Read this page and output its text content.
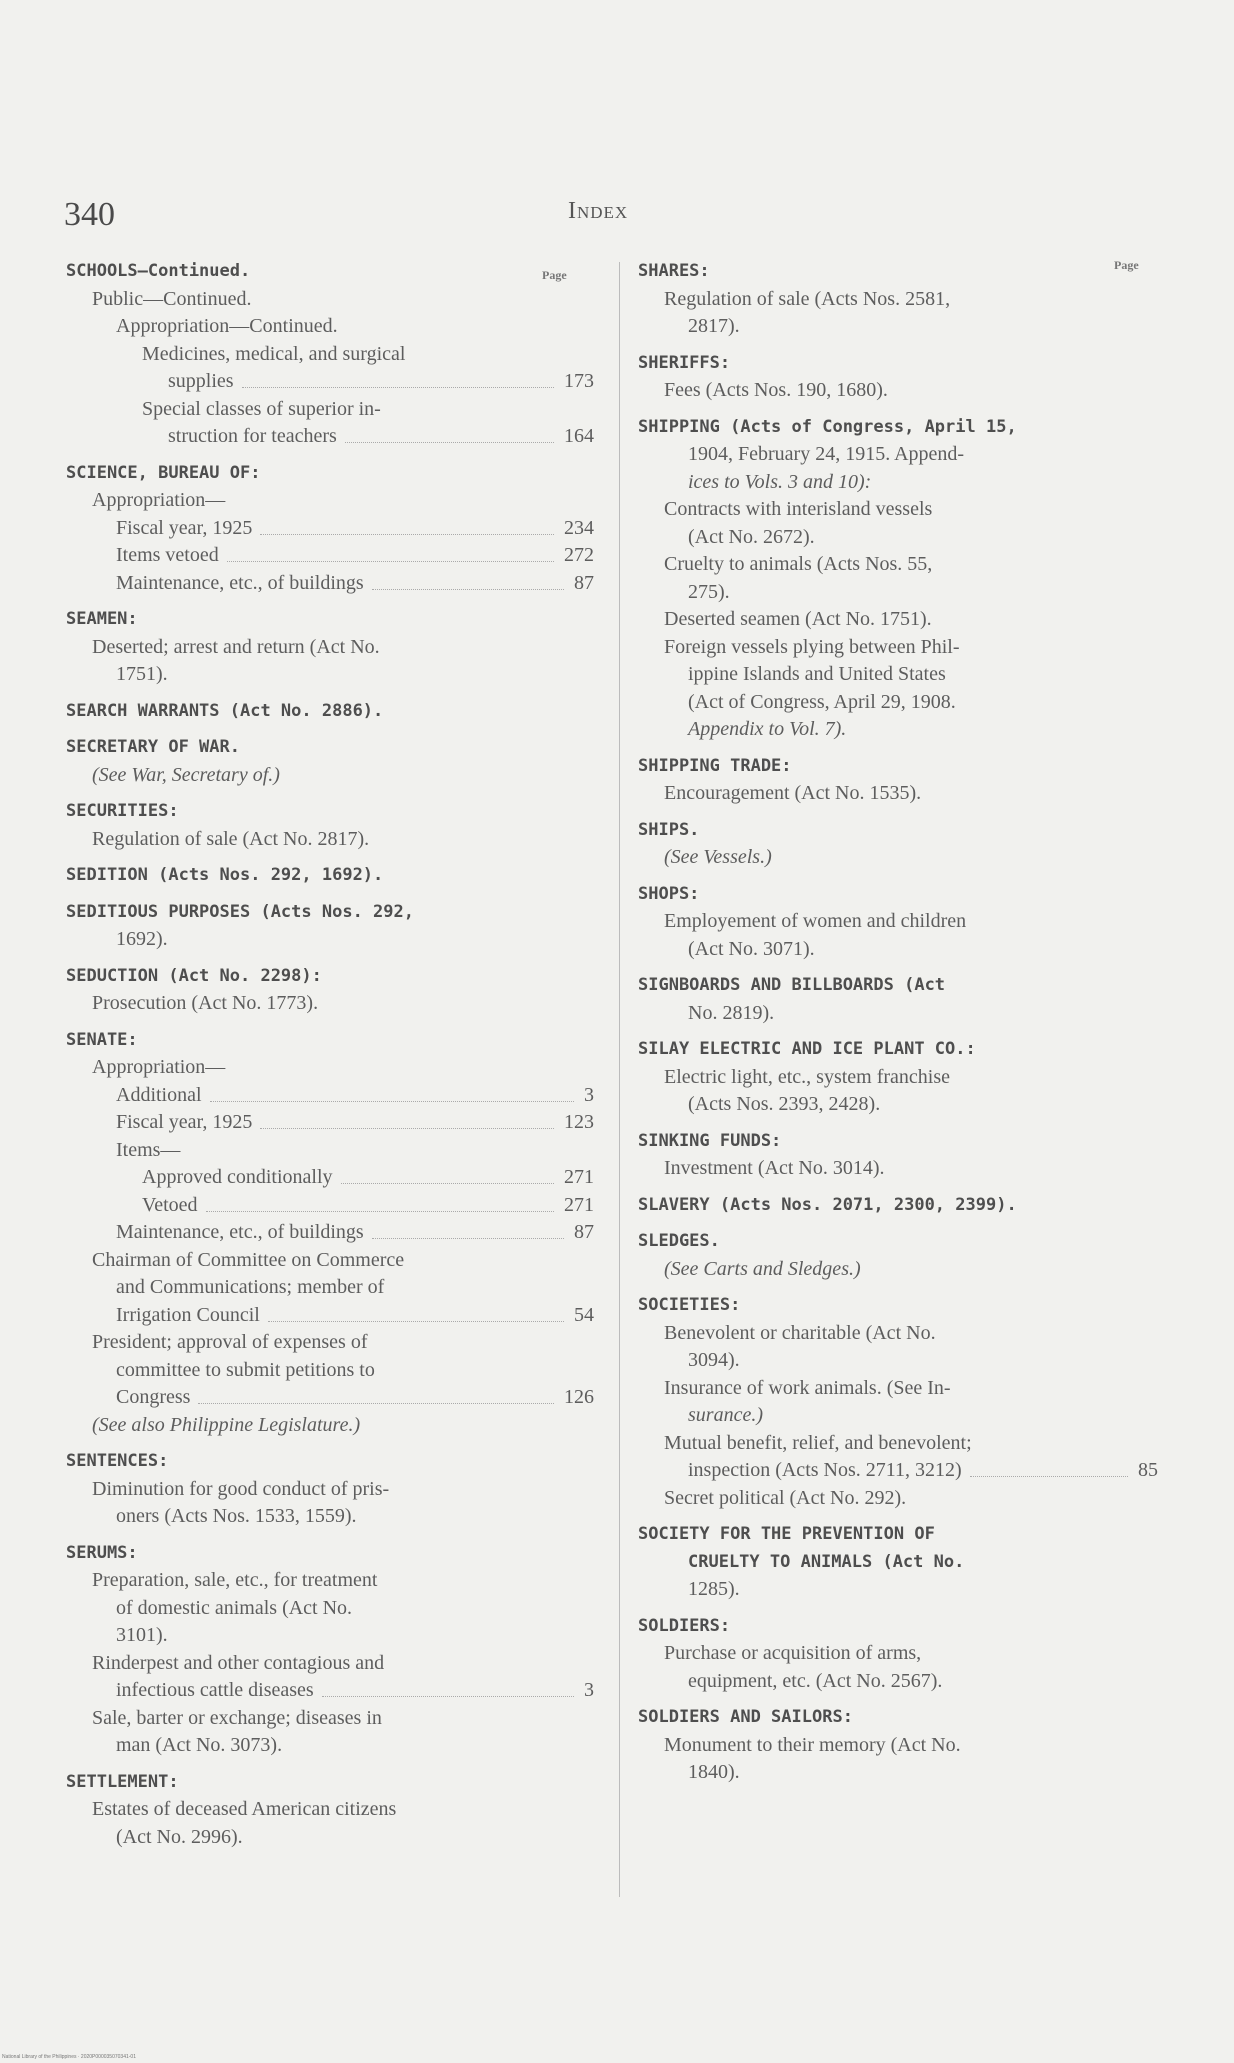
340	Index
Page
Page
SCHOOLS—Continued.
Public—Continued.
Appropriation—Continued.
Medicines, medical, and surgical
supplies	173
Special classes of superior in-
struction for teachers	164
SCIENCE, BUREAU OF:
Appropriation—
Fiscal year, 1925	234
Items vetoed	272
Maintenance, etc., of buildings	87
SEAMEN:
Deserted; arrest and return (Act No.
1751).
SEARCH WARRANTS (Act No. 2886).
SECRETARY OF WAR.
(See War, Secretary of.)
SECURITIES:
Regulation of sale (Act No. 2817).
SEDITION (Acts Nos. 292, 1692).
SEDITIOUS PURPOSES (Acts Nos. 292,
1692).
SEDUCTION (Act No. 2298):
Prosecution (Act No. 1773).
SENATE:
Appropriation—
Additional	3
Fiscal year, 1925	123
Items—
Approved conditionally	271
Vetoed	271
Maintenance, etc., of buildings	87
Chairman of Committee on Commerce
and Communications; member of
Irrigation Council	54
President; approval of expenses of
committee to submit petitions to
Congress	126
(See also Philippine Legislature.)
SENTENCES:
Diminution for good conduct of pris-
oners (Acts Nos. 1533, 1559).
SERUMS:
Preparation, sale, etc., for treatment
of domestic animals (Act No.
3101).
Rinderpest and other contagious and
infectious cattle diseases	3
Sale, barter or exchange; diseases in
man (Act No. 3073).
SETTLEMENT:
Estates of deceased American citizens
(Act No. 2996).
SHARES:
Regulation of sale (Acts Nos. 2581,
2817).
SHERIFFS:
Fees (Acts Nos. 190, 1680).
SHIPPING (Acts of Congress, April 15,
1904, February 24, 1915. Append-
ices to Vols. 3 and 10):
Contracts with interisland vessels
(Act No. 2672).
Cruelty to animals (Acts Nos. 55,
275).
Deserted seamen (Act No. 1751).
Foreign vessels plying between Phil-
ippine Islands and United States
(Act of Congress, April 29, 1908.
Appendix to Vol. 7).
SHIPPING TRADE:
Encouragement (Act No. 1535).
SHIPS.
(See Vessels.)
SHOPS:
Employement of women and children
(Act No. 3071).
SIGNBOARDS AND BILLBOARDS (Act
No. 2819).
SILAY ELECTRIC AND ICE PLANT CO.:
Electric light, etc., system franchise
(Acts Nos. 2393, 2428).
SINKING FUNDS:
Investment (Act No. 3014).
SLAVERY (Acts Nos. 2071, 2300, 2399).
SLEDGES.
(See Carts and Sledges.)
SOCIETIES:
Benevolent or charitable (Act No.
3094).
Insurance of work animals. (See In-
surance.)
Mutual benefit, relief, and benevolent;
inspection (Acts Nos. 2711, 3212)	85
Secret political (Act No. 292).
SOCIETY FOR THE PREVENTION OF
CRUELTY TO ANIMALS (Act No.
1285).
SOLDIERS:
Purchase or acquisition of arms,
equipment, etc. (Act No. 2567).
SOLDIERS AND SAILORS:
Monument to their memory (Act No.
1840).
National Library of the Philippines · 2020P000035070341-01
